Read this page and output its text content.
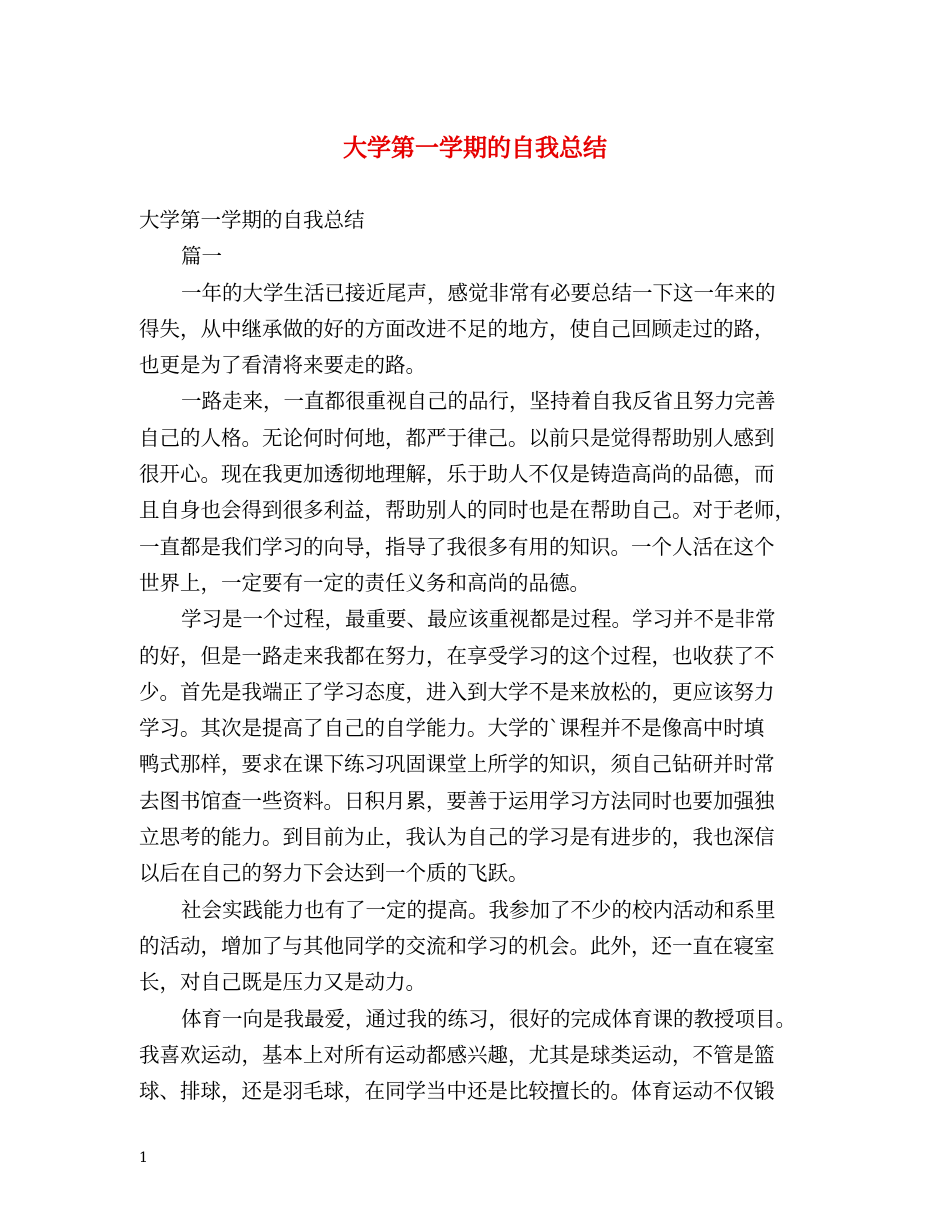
大学第一学期的自我总结
大学第一学期的自我总结
篇一
一年的大学生活已接近尾声，感觉非常有必要总结一下这一年来的
得失，从中继承做的好的方面改进不足的地方，使自己回顾走过的路，
也更是为了看清将来要走的路。
一路走来，一直都很重视自己的品行，坚持着自我反省且努力完善
自己的人格。无论何时何地，都严于律己。以前只是觉得帮助别人感到
很开心。现在我更加透彻地理解，乐于助人不仅是铸造高尚的品德，而
且自身也会得到很多利益，帮助别人的同时也是在帮助自己。对于老师，
一直都是我们学习的向导，指导了我很多有用的知识。一个人活在这个
世界上，一定要有一定的责任义务和高尚的品德。
学习是一个过程，最重要、最应该重视都是过程。学习并不是非常
的好，但是一路走来我都在努力，在享受学习的这个过程，也收获了不
少。首先是我端正了学习态度，进入到大学不是来放松的，更应该努力
学习。其次是提高了自己的自学能力。大学的`课程并不是像高中时填
鸭式那样，要求在课下练习巩固课堂上所学的知识，须自己钻研并时常
去图书馆查一些资料。日积月累，要善于运用学习方法同时也要加强独
立思考的能力。到目前为止，我认为自己的学习是有进步的，我也深信
以后在自己的努力下会达到一个质的飞跃。
社会实践能力也有了一定的提高。我参加了不少的校内活动和系里
的活动，增加了与其他同学的交流和学习的机会。此外，还一直在寝室
长，对自己既是压力又是动力。
体育一向是我最爱，通过我的练习，很好的完成体育课的教授项目。
我喜欢运动，基本上对所有运动都感兴趣，尤其是球类运动，不管是篮
球、排球，还是羽毛球，在同学当中还是比较擅长的。体育运动不仅锻
1
